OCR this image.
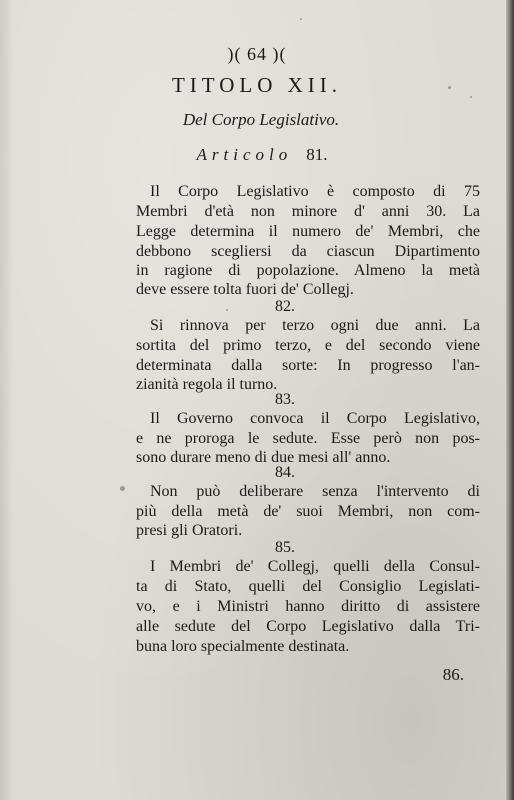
)( 64 )(
TITOLO XII.
Del Corpo Legislativo.
Articolo 81.
Il Corpo Legislativo è composto di 75
Membri d'età non minore d' anni 30. La
Legge determina il numero de' Membri, che
debbono scegliersi da ciascun Dipartimento
in ragione di popolazione. Almeno la metà
deve essere tolta fuori de' Collegj.
82.
Si rinnova per terzo ogni due anni. La
sortita del primo terzo, e del secondo viene
determinata dalla sorte: In progresso l'an-
zianità regola il turno.
83.
Il Governo convoca il Corpo Legislativo,
e ne proroga le sedute. Esse però non pos-
sono durare meno di due mesi all' anno.
84.
Non può deliberare senza l'intervento di
più della metà de' suoi Membri, non com-
presi gli Oratori.
85.
I Membri de' Collegj, quelli della Consul-
ta di Stato, quelli del Consiglio Legislati-
vo, e i Ministri hanno diritto di assistere
alle sedute del Corpo Legislativo dalla Tri-
buna loro specialmente destinata.
86.
